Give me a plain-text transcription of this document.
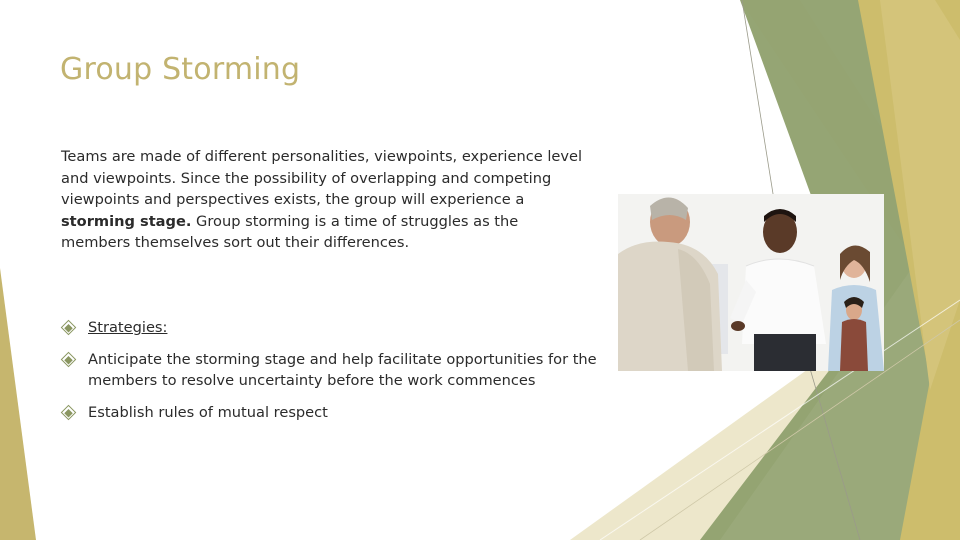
Group Storming

Teams are made of different personalities, viewpoints, experience level and viewpoints. Since the possibility of overlapping and competing viewpoints and perspectives exists, the group will experience a storming stage. Group storming is a time of struggles as the members themselves sort out their differences.

Strategies:
Anticipate the storming stage and help facilitate opportunities for the members to resolve uncertainty before the work commences
Establish rules of mutual respect
